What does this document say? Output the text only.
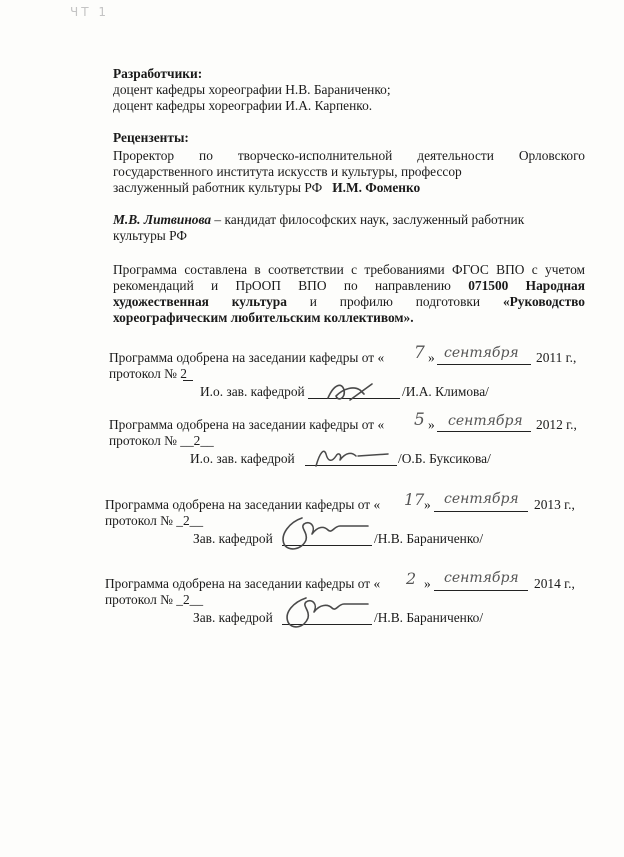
ЧТ 1
Разработчики:
доцент кафедры хореографии Н.В. Бараниченко;
доцент кафедры хореографии И.А. Карпенко.
Рецензенты:
Проректор по творческо-исполнительной деятельности Орловского
государственного института искусств и культуры, профессор
заслуженный работник культуры РФ И.М. Фоменко
М.В. Литвинова – кандидат философских наук, заслуженный работник
культуры РФ
Программа составлена в соответствии с требованиями ФГОС ВПО с учетом
рекомендаций и ПрООП ВПО по направлению 071500 Народная
художественная культура и профилю подготовки «Руководство
хореографическим любительским коллективом».
Программа одобрена на заседании кафедры от « 7 » сентября 2011 г.,
протокол № 2
И.о. зав. кафедрой	/И.А. Климова/
Программа одобрена на заседании кафедры от « 5 » сентября 2012 г.,
протокол № __2__
И.о. зав. кафедрой	/О.Б. Буксикова/
Программа одобрена на заседании кафедры от « 17 » сентября 2013 г.,
протокол № _2__
Зав. кафедрой	/Н.В. Бараниченко/
Программа одобрена на заседании кафедры от « 2 » сентября 2014 г.,
протокол № _2__
Зав. кафедрой	/Н.В. Бараниченко/
